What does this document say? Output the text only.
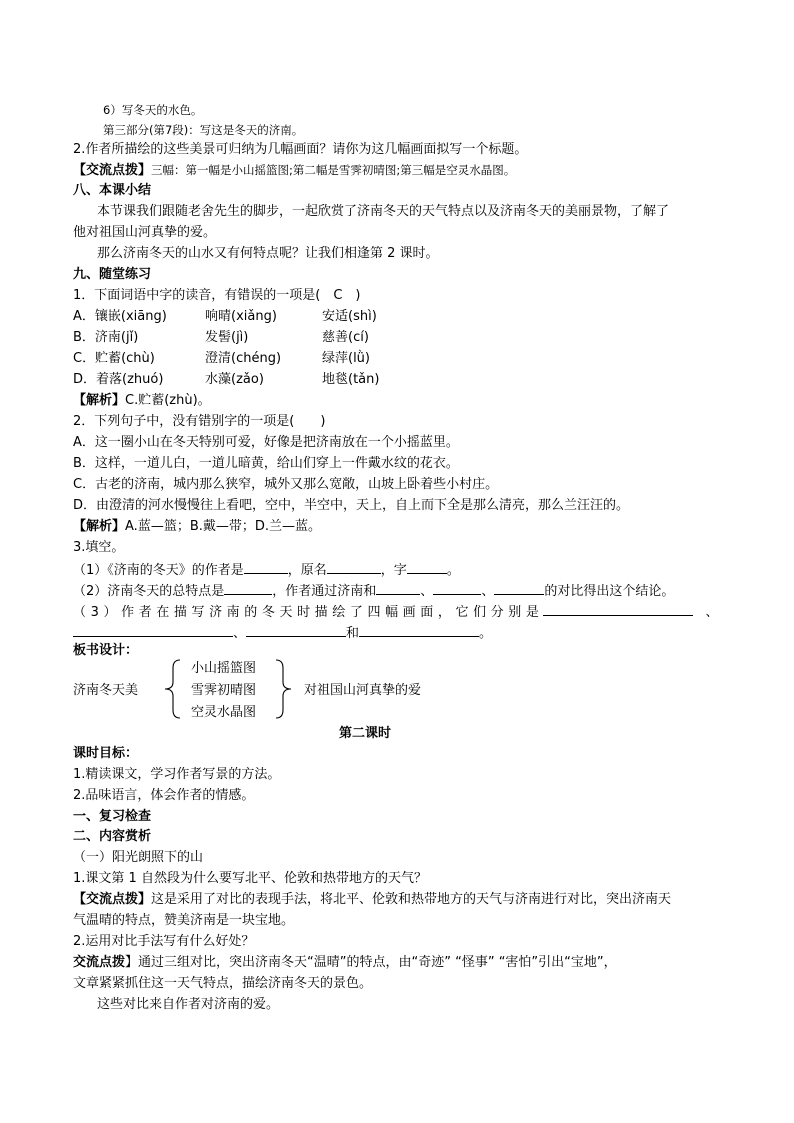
6）写冬天的水色。
第三部分(第7段)：写这是冬天的济南。
2.作者所描绘的这些美景可归纳为几幅画面？请你为这几幅画面拟写一个标题。
【交流点拨】三幅：第一幅是小山摇篮图;第二幅是雪霁初晴图;第三幅是空灵水晶图。
八、本课小结
本节课我们跟随老舍先生的脚步，一起欣赏了济南冬天的天气特点以及济南冬天的美丽景物，了解了
他对祖国山河真挚的爱。
那么济南冬天的山水又有何特点呢？让我们相逢第 2 课时。
九、随堂练习
1．下面词语中字的读音，有错误的一项是(　C　)
A．镶嵌(xiāng)	响晴(xiǎng)	安适(shì)
B．济南(jǐ)	发髻(jì)	慈善(cí)
C．贮蓄(chù)	澄清(chéng)	绿萍(lǜ)
D．着落(zhuó)	水藻(zǎo)	地毯(tǎn)
【解析】C.贮蓄(zhù)。
2．下列句子中，没有错别字的一项是(　　)
A．这一圈小山在冬天特别可爱，好像是把济南放在一个小摇蓝里。
B．这样，一道儿白，一道儿暗黄，给山们穿上一件戴水纹的花衣。
C．古老的济南，城内那么狭窄，城外又那么宽敞，山坡上卧着些小村庄。
D．由澄清的河水慢慢往上看吧，空中，半空中，天上，自上而下全是那么清亮，那么兰汪汪的。
【解析】A.蓝—篮；B.戴—带；D.兰—蓝。
3.填空。
（1）《济南的冬天》的作者是	，原名	，字	。
（2）济南冬天的总特点是	，作者通过济南和	、	、	的对比得出这个结论。
（3）作者在描写济南的冬天时描绘了四幅画面，它们分别是	、
、	和	。
板书设计：
济南冬天美
小山摇篮图
雪霁初晴图
空灵水晶图
对祖国山河真挚的爱
第二课时
课时目标：
1.精读课文，学习作者写景的方法。
2.品味语言，体会作者的情感。
一、复习检查
二、内容赏析
（一）阳光朗照下的山
1.课文第 1 自然段为什么要写北平、伦敦和热带地方的天气？
【交流点拨】这是采用了对比的表现手法，将北平、伦敦和热带地方的天气与济南进行对比，突出济南天
气温晴的特点，赞美济南是一块宝地。
2.运用对比手法写有什么好处？
交流点拨】通过三组对比，突出济南冬天“温晴”的特点，由“奇迹” “怪事” “害怕”引出“宝地”，
文章紧紧抓住这一天气特点，描绘济南冬天的景色。
这些对比来自作者对济南的爱。
